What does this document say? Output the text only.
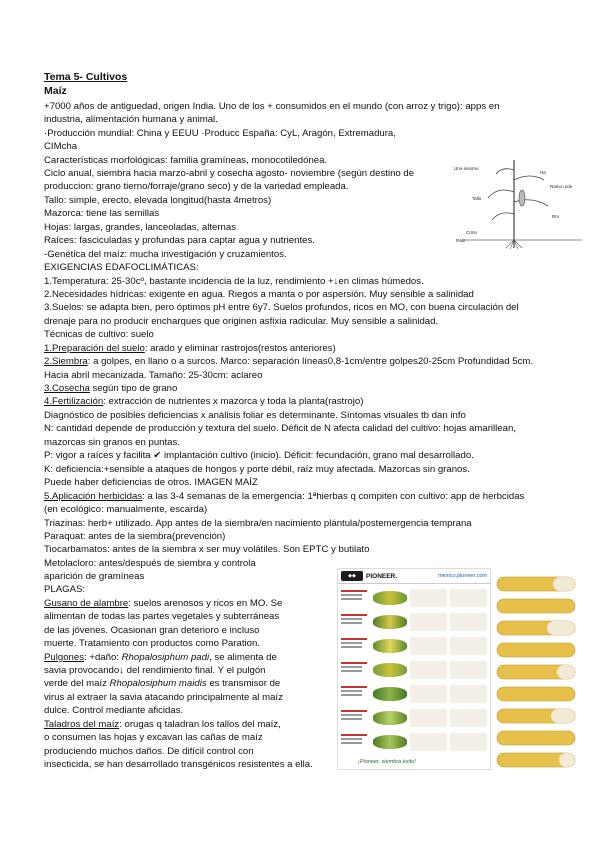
Tema 5- Cultivos
Maíz
+7000 años de antiguedad, origen India. Uno de los + consumidos en el mundo (con arroz y trigo): apps en
industria, alimentación humana y animal.
·Producción mundial: China y EEUU ·Producc España: CyL, Aragón, Extremadura,
CIMcha
Características morfológicas: familia gramíneas, monocotiledónea.
Ciclo anual, siembra hacia marzo-abril y cosecha agosto- noviembre (según destino de
produccion: grano tierno/forraje/grano seco) y de la variedad empleada.
Tallo: simple, erecto, elevada longitud(hasta 4metros)
Mazorca: tiene las semillas
Hojas: largas, grandes, lanceoladas, alternas
Raíces: fasciculadas y profundas para captar agua y nutrientes.
-Genética del maíz: mucha investigación y cruzamientos.
EXIGENCIAS EDAFOCLIMÁTICAS:
1.Temperatura: 25-30cº, bastante incidencia de la luz, rendimiento +↓en climas húmedos.
2.Necesidades hídricas: exigente en agua. Riegos a manta o por aspersión. Muy sensible a salinidad
3.Suelos: se adapta bien, pero óptimos pH entre 6y7. Suelos profundos, ricos en MO, con buena circulación del
drenaje para no producir encharques que originen asfixia radicular. Muy sensible a salinidad.
Técnicas de cultivo: suelo
1.Preparación del suelo: arado y eliminar rastrojos(restos anteriores)
2.Siembra: a golpes, en llano o a surcos. Marco: separación líneas0,8-1cm/entre golpes20-25cm Profundidad 5cm.
Hacia abril mecanizada. Tamaño: 25-30cm: aclareo
3.Cosecha según tipo de grano
4.Fertilización: extracción de nutrientes x mazorca y toda la planta(rastrojo)
Diagnóstico de posibles deficiencias x análisis foliar es determinante. Síntomas visuales tb dan info
N: cantidad depende de producción y textura del suelo. Déficit de N afecta calidad del cultivo: hojas amarillean,
mazorcas sin granos en puntas.
P: vigor a raíces y facilita ✔ implantación cultivo (inicio). Déficit: fecundación, grano mal desarrollado.
K: deficiencia:+sensible a ataques de hongos y porte débil, raíz muy afectada. Mazorcas sin granos.
Puede haber deficiencias de otros. IMAGEN MAÍZ
5.Aplicación herbicidas: a las 3-4 semanas de la emergencia: 1ªhierbas q compiten con cultivo: app de herbcidas
(en ecológico: manualmente, escarda)
Triazinas: herb+ utilizado. App antes de la siembra/en nacimiento plántula/postemergencia temprana
Paraquat: antes de la siembra(prevención)
Tiocarbamatos: antes de la siembra x ser muy volátiles. Son EPTC y butilato
Metolacloro: antes/después de siembra y controla
aparición de gramíneas
PLAGAS:
Gusano de alambre: suelos arenosos y ricos en MO. Se
alimentan de todas las partes vegetales y subterráneas
de las jóvenes. Ocasionan gran deterioro e incluso
muerte. Tratamiento con productos como Paration.
Pulgones: +daño: Rhopalosiphum padi, se alimenta de
savia provocando↓ del rendimiento final. Y el pulgón
verde del maíz Rhopalosiphum maidis es transmisor de
virus al extraer la savia atacando principalmente al maíz
dulce. Control mediante aficidas.
Taladros del maíz: orugas q taladran los tallos del maíz,
o consumen las hojas y excavan las cañas de maíz
produciendo muchos daños. De difícil control con
insecticida, se han desarrollado transgénicos resistentes a ella.
Uno-insorno
Ha
Ramo urde
Tallo
Rm
Raíz
Crmn
◆◆	PIONEER.	mexico.pioneer.com
¡Pioneer, siembra éxito!
